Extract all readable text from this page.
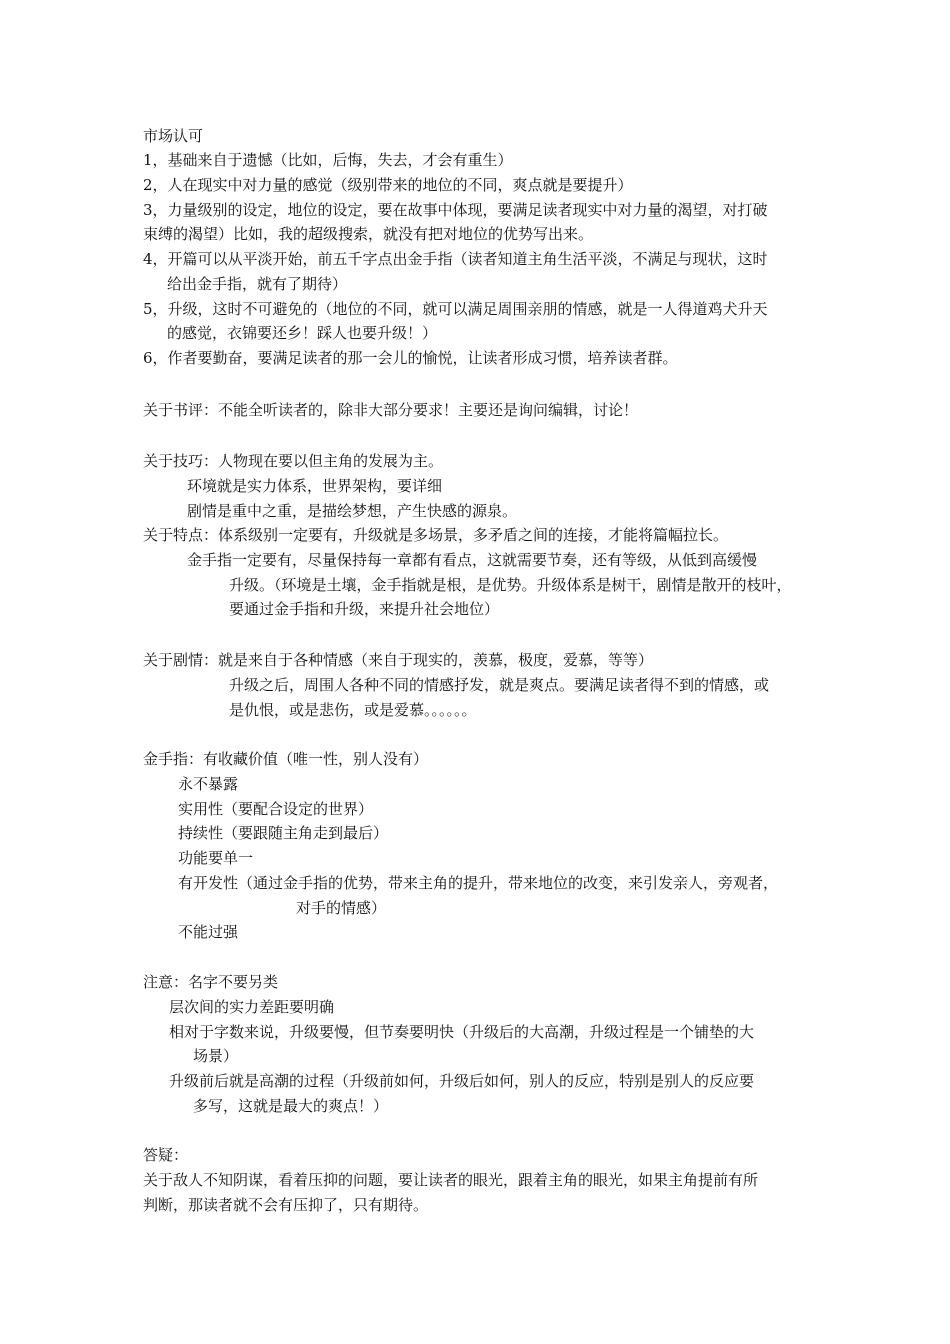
市场认可
1，基础来自于遗憾（比如，后悔，失去，才会有重生）
2，人在现实中对力量的感觉（级别带来的地位的不同，爽点就是要提升）
3，力量级别的设定，地位的设定，要在故事中体现，要满足读者现实中对力量的渴望，对打破
束缚的渴望）比如，我的超级搜索，就没有把对地位的优势写出来。
4，开篇可以从平淡开始，前五千字点出金手指（读者知道主角生活平淡，不满足与现状，这时
给出金手指，就有了期待）
5，升级，这时不可避免的（地位的不同，就可以满足周围亲朋的情感，就是一人得道鸡犬升天
的感觉，衣锦要还乡！踩人也要升级！）
6，作者要勤奋，要满足读者的那一会儿的愉悦，让读者形成习惯，培养读者群。
关于书评：不能全听读者的，除非大部分要求！主要还是询问编辑，讨论！
关于技巧：人物现在要以但主角的发展为主。
环境就是实力体系，世界架构，要详细
剧情是重中之重，是描绘梦想，产生快感的源泉。
关于特点：体系级别一定要有，升级就是多场景，多矛盾之间的连接，才能将篇幅拉长。
金手指一定要有，尽量保持每一章都有看点，这就需要节奏，还有等级，从低到高缓慢
升级。（环境是土壤，金手指就是根，是优势。升级体系是树干，剧情是散开的枝叶，
要通过金手指和升级，来提升社会地位）
关于剧情：就是来自于各种情感（来自于现实的，羡慕，极度，爱慕，等等）
升级之后，周围人各种不同的情感抒发，就是爽点。要满足读者得不到的情感，或
是仇恨，或是悲伤，或是爱慕。。。。。。
金手指：有收藏价值（唯一性，别人没有）
永不暴露
实用性（要配合设定的世界）
持续性（要跟随主角走到最后）
功能要单一
有开发性（通过金手指的优势，带来主角的提升，带来地位的改变，来引发亲人，旁观者，
对手的情感）
不能过强
注意：名字不要另类
层次间的实力差距要明确
相对于字数来说，升级要慢，但节奏要明快（升级后的大高潮，升级过程是一个铺垫的大
场景）
升级前后就是高潮的过程（升级前如何，升级后如何，别人的反应，特别是别人的反应要
多写，这就是最大的爽点！）
答疑：
关于敌人不知阴谋，看着压抑的问题，要让读者的眼光，跟着主角的眼光，如果主角提前有所
判断，那读者就不会有压抑了，只有期待。
